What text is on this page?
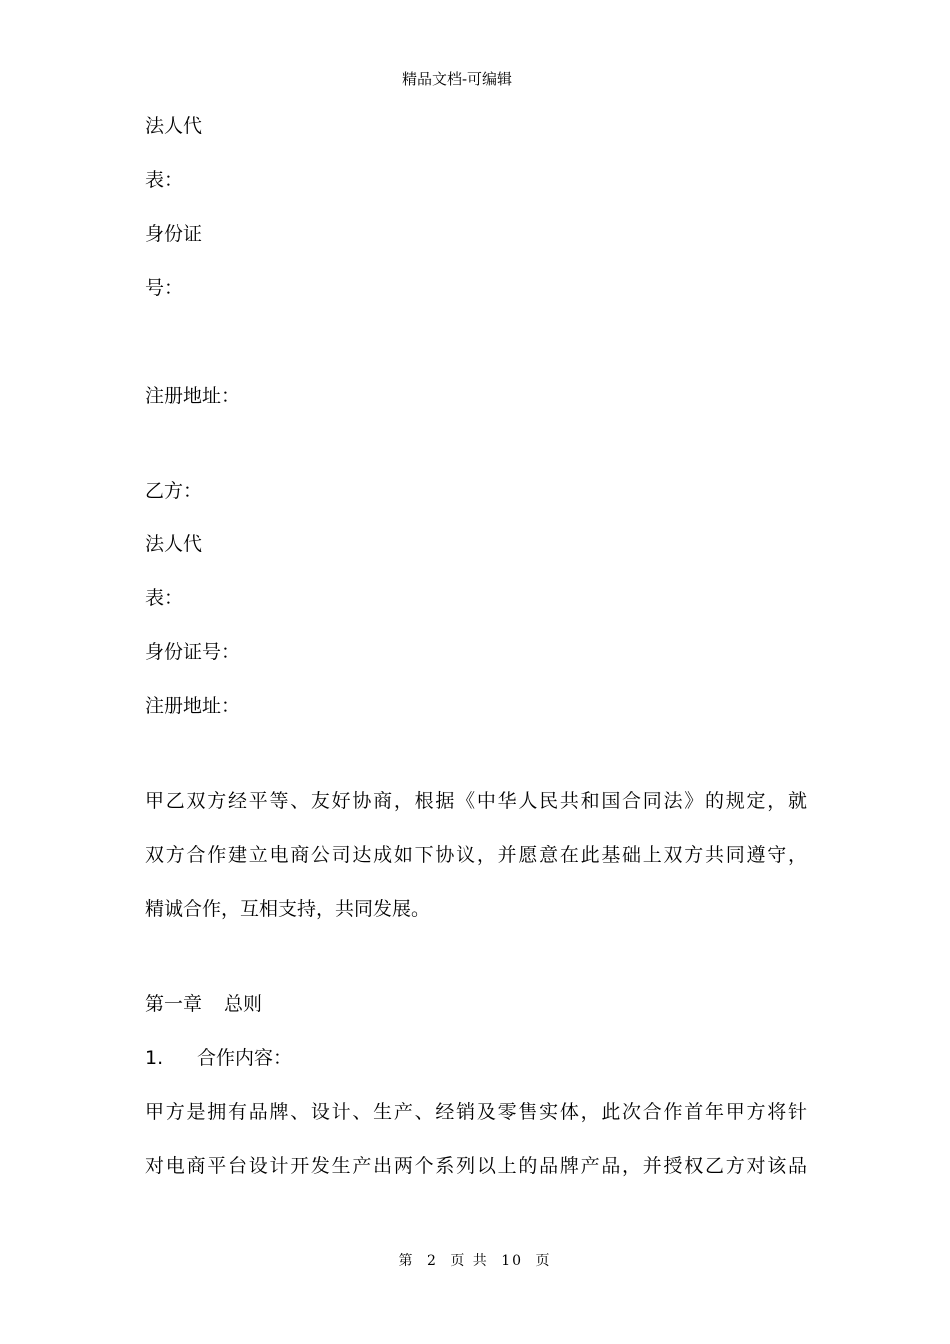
精品文档-可编辑
法人代
表：
身份证
号：
注册地址：
乙方：
法人代
表：
身份证号：
注册地址：
甲乙双方经平等、友好协商，根据《中华人民共和国合同法》的规定，就
双方合作建立电商公司达成如下协议，并愿意在此基础上双方共同遵守，
精诚合作，互相支持，共同发展。
第一章 总则
1. 合作内容：
甲方是拥有品牌、设计、生产、经销及零售实体，此次合作首年甲方将针
对电商平台设计开发生产出两个系列以上的品牌产品，并授权乙方对该品
第 2 页 共 10 页
